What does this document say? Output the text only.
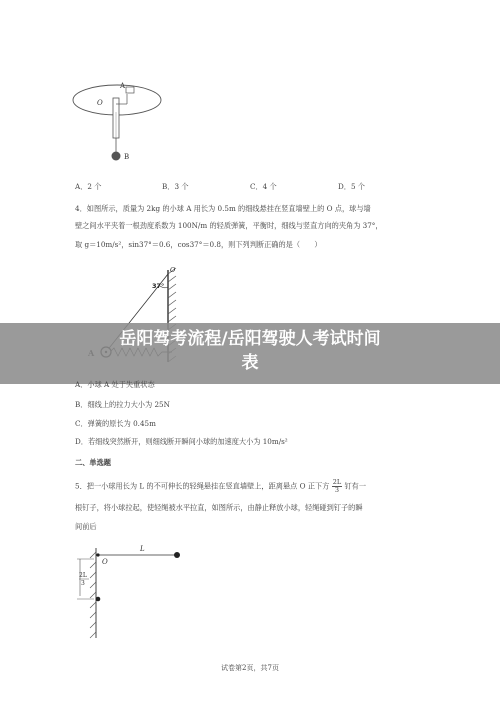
A
O
B
A．2 个	B．3 个	C．4 个	D．5 个
4．如图所示，质量为 2kg 的小球 A 用长为 0.5m 的细线悬挂在竖直墙壁上的 O 点，球与墙
壁之间水平夹着一根劲度系数为 100N/m 的轻质弹簧，平衡时，细线与竖直方向的夹角为 37°，
取 g＝10m/s²，sin37°＝0.6，cos37°＝0.8，则下列判断正确的是（　　）
37°
O
岳阳驾考流程/岳阳驾驶人考试时间
表
A．小球 A 处于失重状态
B．细线上的拉力大小为 25N
C．弹簧的原长为 0.45m
D．若细线突然断开，则细线断开瞬间小球的加速度大小为 10m/s²
二、单选题
5．把一小球用长为 L 的不可伸长的轻绳悬挂在竖直墙壁上，距离悬点 O 正下方 $\frac{2L}{3}$ 钉有一
根钉子，将小球拉起，使轻绳被水平拉直，如图所示，由静止释放小球，轻绳碰到钉子的瞬
间前后
L
O
2L
3
试卷第2页，共7页
